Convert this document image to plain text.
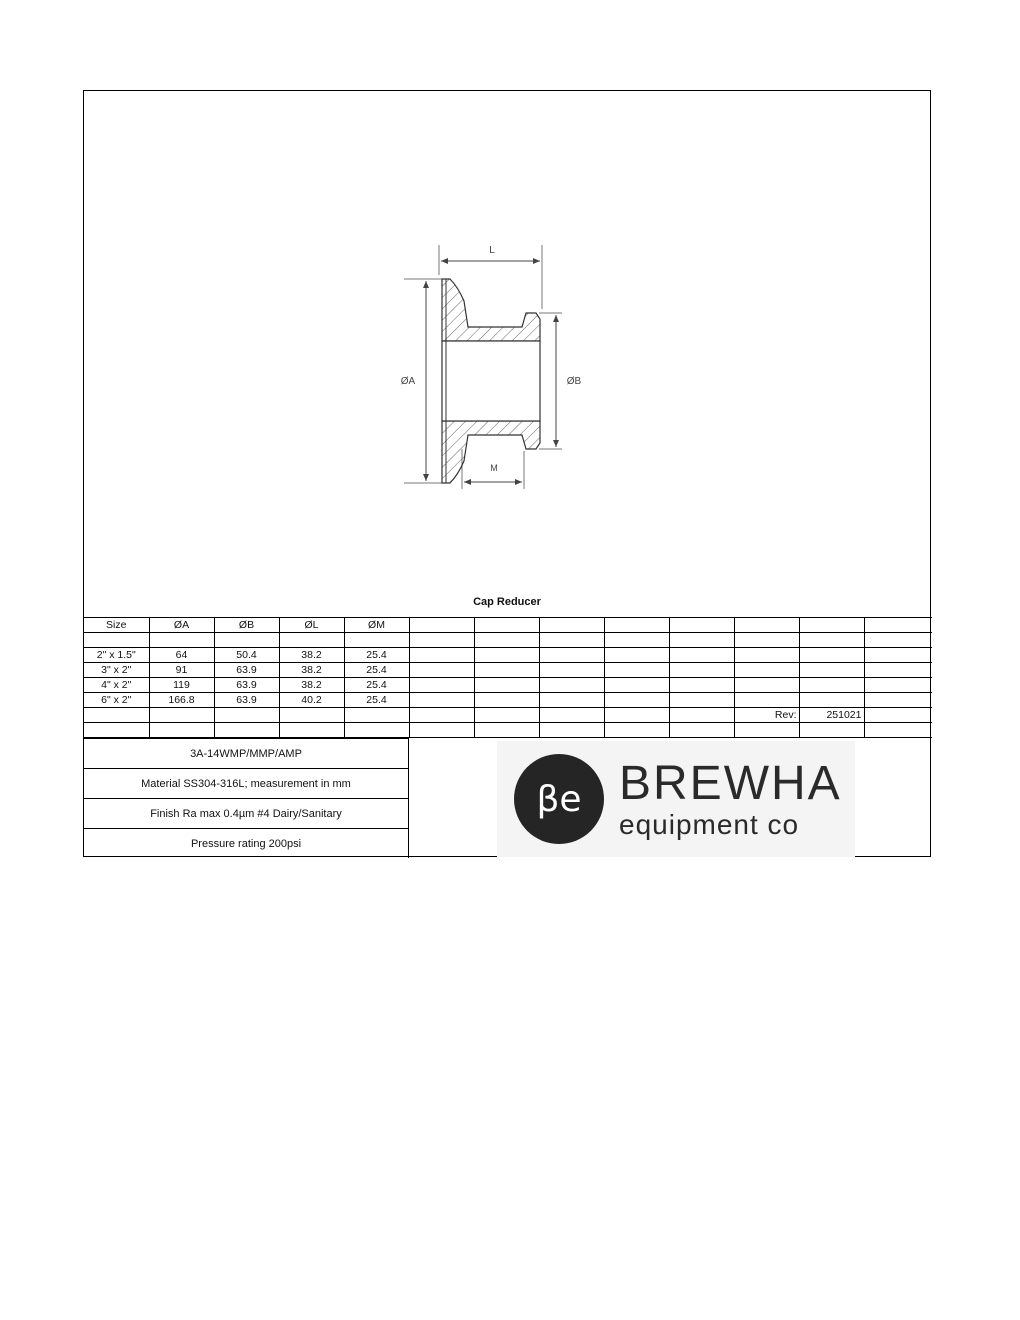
L
ØA	ØB
M
Cap Reducer
Size	ØA	ØB	ØL	ØM								

2" x 1.5"	64	50.4	38.2	25.4								
3" x 2"	91	63.9	38.2	25.4								
4" x 2"	119	63.9	38.2	25.4								
6" x 2"	166.8	63.9	40.2	25.4								
										Rev:	251021	

3A-14WMP/MMP/AMP
Material SS304-316L; measurement in mm
Finish Ra max 0.4µm #4 Dairy/Sanitary
Pressure rating 200psi
βe BREWHA
equipment co
